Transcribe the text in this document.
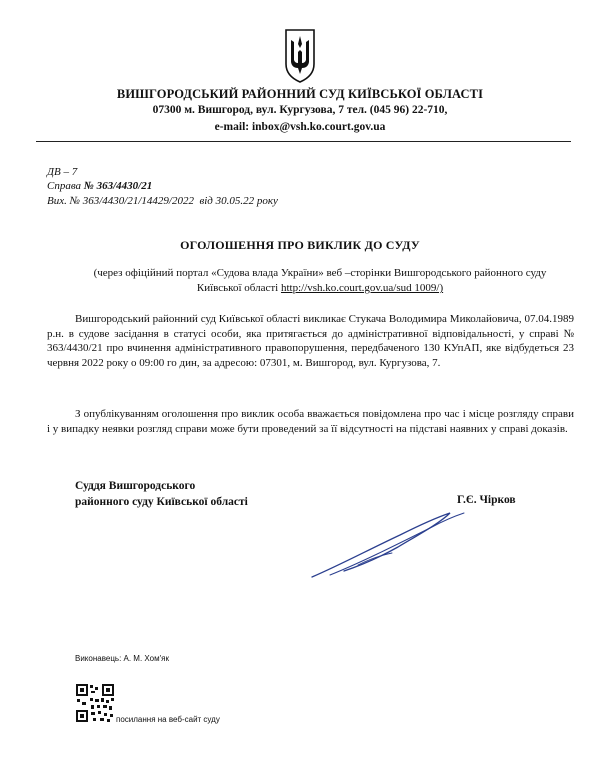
ВИШГОРОДСЬКИЙ РАЙОННИЙ СУД КИЇВСЬКОЇ ОБЛАСТІ
07300 м. Вишгород, вул. Кургузова, 7 тел. (045 96) 22-710,
e-mail: inbox@vsh.ko.court.gov.ua
ДВ – 7
Справа № 363/4430/21
Вих. № 363/4430/21/14429/2022 від 30.05.22 року
ОГОЛОШЕННЯ ПРО ВИКЛИК ДО СУДУ
(через офіційний портал «Судова влада України» веб –сторінки Вишгородського районного суду Київської області http://vsh.ko.court.gov.ua/sud 1009/)
Вишгородський районний суд Київської області викликає Стукача Володимира Миколайовича, 07.04.1989 р.н. в судове засідання в статусі особи, яка притягається до адміністративної відповідальності, у справі № 363/4430/21 про вчинення адміністративного правопорушення, передбаченого 130 КУпАП, яке відбудеться 23 червня 2022 року о 09:00 го дин, за адресою: 07301, м. Вишгород, вул. Кургузова, 7.
З опублікуванням оголошення про виклик особа вважається повідомлена про час і місце розгляду справи і у випадку неявки розгляд справи може бути проведений за її відсутності на підставі наявних у справі доказів.
Суддя Вишгородського
районного суду Київської області	Г.Є. Чірков
Виконавець: А. М. Хом'як
посилання на веб-сайт суду
